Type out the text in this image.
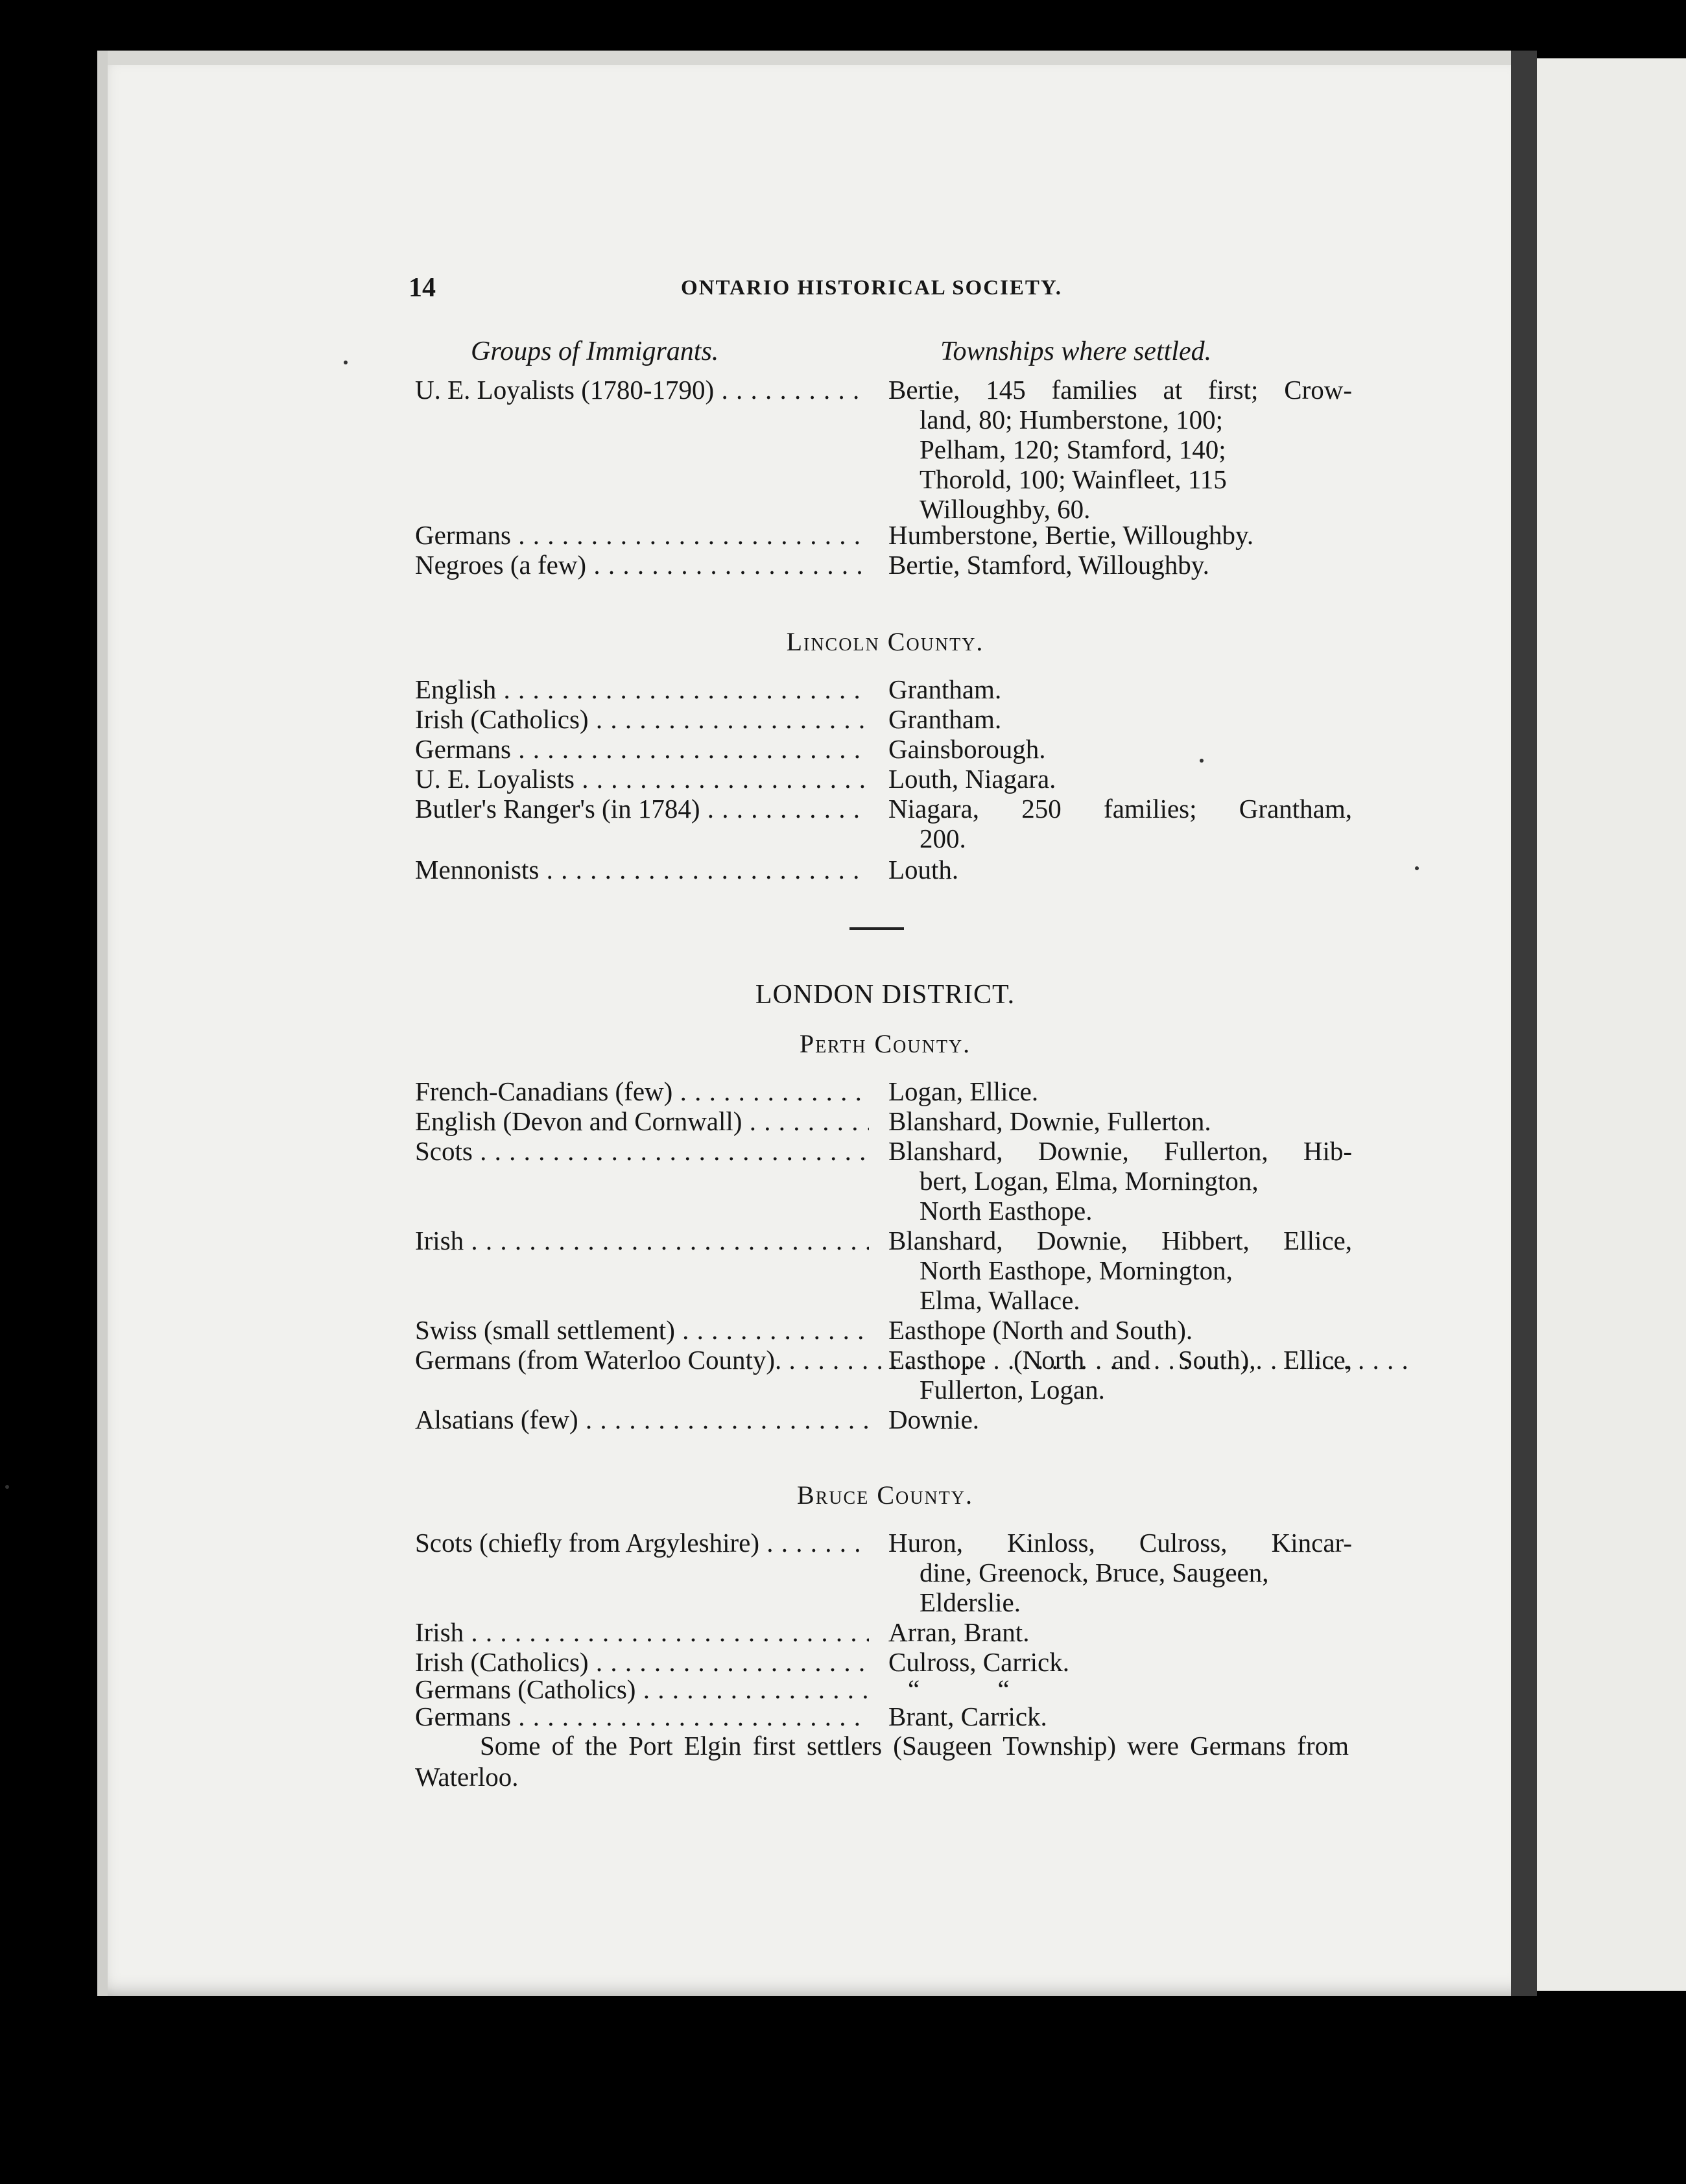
14	ONTARIO HISTORICAL SOCIETY.
Groups of Immigrants.	Townships where settled.
U. E. Loyalists (1780-1790) . . .	Bertie, 145 families at first; Crow-
land, 80; Humberstone, 100;
Pelham, 120; Stamford, 140;
Thorold, 100; Wainfleet, 115
Willoughby, 60.
Germans . . .	Humberstone, Bertie, Willoughby.
Negroes (a few) . . .	Bertie, Stamford, Willoughby.
Lincoln County.
English . . .	Grantham.
Irish (Catholics) . . .	Grantham.
Germans . . .	Gainsborough.
U. E. Loyalists . . .	Louth, Niagara.
Butler's Ranger's (in 1784) . . .	Niagara, 250 families; Grantham,
200.
Mennonists . . .	Louth.
LONDON DISTRICT.
Perth County.
French-Canadians (few) . . .	Logan, Ellice.
English (Devon and Cornwall) . . .	Blanshard, Downie, Fullerton.
Scots . . .	Blanshard, Downie, Fullerton, Hib-
bert, Logan, Elma, Mornington,
North Easthope.
Irish . . .	Blanshard, Downie, Hibbert, Ellice,
North Easthope, Mornington,
Elma, Wallace.
Swiss (small settlement) . . .	Easthope (North and South).
Germans (from Waterloo County). . . .	Easthope (North and South), Ellice,
Fullerton, Logan.
Alsatians (few) . . .	Downie.
Bruce County.
Scots (chiefly from Argyleshire) . . .	Huron, Kinloss, Culross, Kincar-
dine, Greenock, Bruce, Saugeen,
Elderslie.
Irish . . .	Arran, Brant.
Irish (Catholics) . . .	Culross, Carrick.
Germans (Catholics) . . .	“ “
Germans . . .	Brant, Carrick.
Some of the Port Elgin first settlers (Saugeen Township) were Germans from Waterloo.
